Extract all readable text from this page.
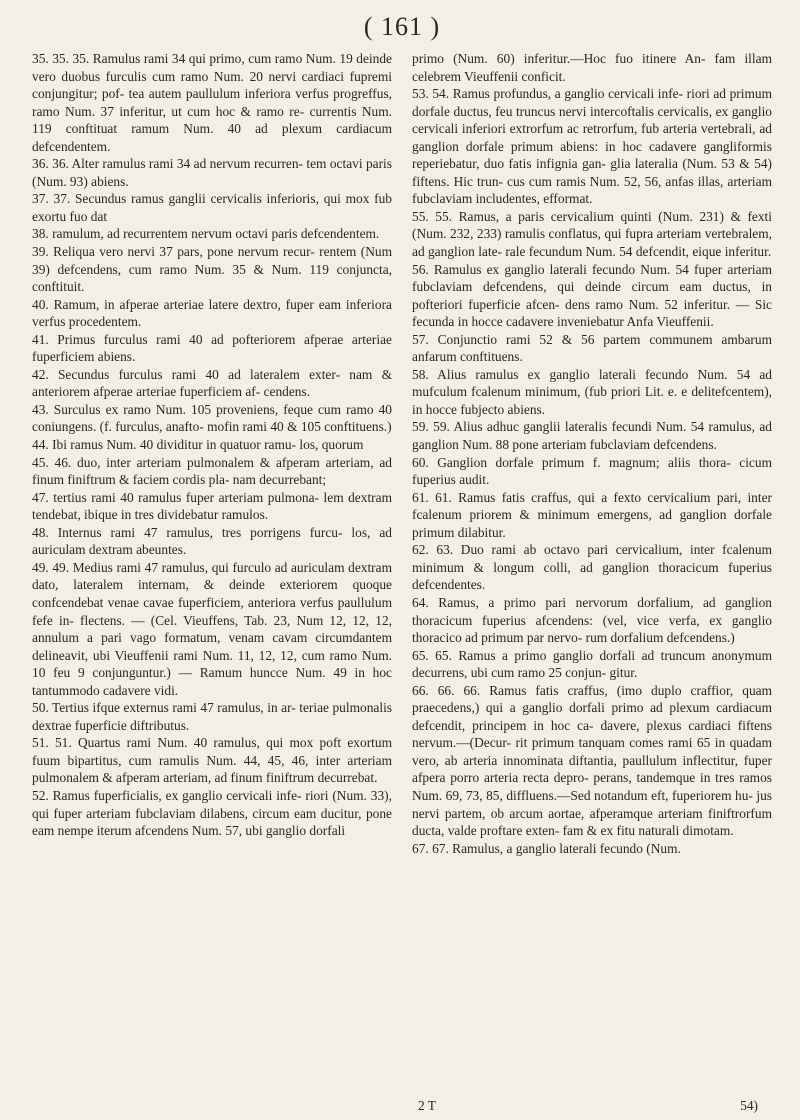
( 161 )

35. 35. 35. Ramulus rami 34 qui primo, cum ramo Num. 19 deinde vero duobus furculis cum ramo Num. 20 nervi cardiaci fupremi conjungitur; pof- tea autem paullulum inferiora verfus progreffus, ramo Num. 37 inferitur, ut cum hoc & ramo re- currentis Num. 119 conftituat ramum Num. 40 ad plexum cardiacum defcendentem.

36. 36. Alter ramulus rami 34 ad nervum recurren- tem octavi paris (Num. 93) abiens.

37. 37. Secundus ramus ganglii cervicalis inferioris, qui mox fub exortu fuo dat

38. ramulum, ad recurrentem nervum octavi paris defcendentem.

39. Reliqua vero nervi 37 pars, pone nervum recur- rentem (Num 39) defcendens, cum ramo Num. 35 & Num. 119 conjuncta, conftituit.

40. Ramum, in afperae arteriae latere dextro, fuper eam inferiora verfus procedentem.

41. Primus furculus rami 40 ad pofteriorem afperae arteriae fuperficiem abiens.

42. Secundus furculus rami 40 ad lateralem exter- nam & anteriorem afperae arteriae fuperficiem af- cendens.

43. Surculus ex ramo Num. 105 proveniens, feque cum ramo 40 coniungens. (f. furculus, anafto- mofin rami 40 & 105 conftituens.)

44. Ibi ramus Num. 40 dividitur in quatuor ramu- los, quorum

45. 46. duo, inter arteriam pulmonalem & afperam arteriam, ad finum finiftrum & faciem cordis pla- nam decurrebant;

47. tertius rami 40 ramulus fuper arteriam pulmona- lem dextram tendebat, ibique in tres dividebatur ramulos.

48. Internus rami 47 ramulus, tres porrigens furcu- los, ad auriculam dextram abeuntes.

49. 49. Medius rami 47 ramulus, qui furculo ad auriculam dextram dato, lateralem internam, & deinde exteriorem quoque confcendebat venae cavae fuperficiem, anteriora verfus paullulum fefe in- flectens. — (Cel. Vieuffens, Tab. 23, Num 12, 12, 12, annulum a pari vago formatum, venam cavam circumdantem delineavit, ubi Vieuffenii rami Num. 11, 12, 12, cum ramo Num. 10 feu 9 conjunguntur.) — Ramum huncce Num. 49 in hoc tantummodo cadavere vidi.

50. Tertius ifque externus rami 47 ramulus, in ar- teriae pulmonalis dextrae fuperficie diftributus.

51. 51. Quartus rami Num. 40 ramulus, qui mox poft exortum fuum bipartitus, cum ramulis Num. 44, 45, 46, inter arteriam pulmonalem & afperam arteriam, ad finum finiftrum decurrebat.

52. Ramus fuperficialis, ex ganglio cervicali infe- riori (Num. 33), qui fuper arteriam fubclaviam dilabens, circum eam ducitur, pone eam nempe iterum afcendens Num. 57, ubi ganglio dorfali

primo (Num. 60) inferitur.—Hoc fuo itinere An- fam illam celebrem Vieuffenii conficit.

53. 54. Ramus profundus, a ganglio cervicali infe- riori ad primum dorfale ductus, feu truncus nervi intercoftalis cervicalis, ex ganglio cervicali inferiori extrorfum ac retrorfum, fub arteria vertebrali, ad ganglion dorfale primum abiens: in hoc cadavere gangliformis reperiebatur, duo fatis infignia gan- glia lateralia (Num. 53 & 54) fiftens. Hic trun- cus cum ramis Num. 52, 56, anfas illas, arteriam fubclaviam includentes, efformat.

55. 55. Ramus, a paris cervicalium quinti (Num. 231) & fexti (Num. 232, 233) ramulis conflatus, qui fupra arteriam vertebralem, ad ganglion late- rale fecundum Num. 54 defcendit, eique inferitur.

56. Ramulus ex ganglio laterali fecundo Num. 54 fuper arteriam fubclaviam defcendens, qui deinde circum eam ductus, in pofteriori fuperficie afcen- dens ramo Num. 52 inferitur. — Sic fecunda in hocce cadavere inveniebatur Anfa Vieuffenii.

57. Conjunctio rami 52 & 56 partem communem ambarum anfarum conftituens.

58. Alius ramulus ex ganglio laterali fecundo Num. 54 ad mufculum fcalenum minimum, (fub priori Lit. e. e delitefcentem), in hocce fubjecto abiens.

59. 59. Alius adhuc ganglii lateralis fecundi Num. 54 ramulus, ad ganglion Num. 88 pone arteriam fubclaviam defcendens.

60. Ganglion dorfale primum f. magnum; aliis thora- cicum fuperius audit.

61. 61. Ramus fatis craffus, qui a fexto cervicalium pari, inter fcalenum priorem & minimum emergens, ad ganglion dorfale primum dilabitur.

62. 63. Duo rami ab octavo pari cervicalium, inter fcalenum minimum & longum colli, ad ganglion thoracicum fuperius defcendentes.

64. Ramus, a primo pari nervorum dorfalium, ad ganglion thoracicum fuperius afcendens: (vel, vice verfa, ex ganglio thoracico ad primum par nervo- rum dorfalium defcendens.)

65. 65. Ramus a primo ganglio dorfali ad truncum anonymum decurrens, ubi cum ramo 25 conjun- gitur.

66. 66. 66. Ramus fatis craffus, (imo duplo craffior, quam praecedens,) qui a ganglio dorfali primo ad plexum cardiacum defcendit, principem in hoc ca- davere, plexus cardiaci fiftens nervum.—(Decur- rit primum tanquam comes rami 65 in quadam vero, ab arteria innominata diftantia, paullulum inflectitur, fuper afpera porro arteria recta depro- perans, tandemque in tres ramos Num. 69, 73, 85, diffluens.—Sed notandum eft, fuperiorem hu- jus nervi partem, ob arcum aortae, afperamque arteriam finiftrorfum ducta, valde proftare exten- fam & ex fitu naturali dimotam.

67. 67. Ramulus, a ganglio laterali fecundo (Num.

2 T	54)
